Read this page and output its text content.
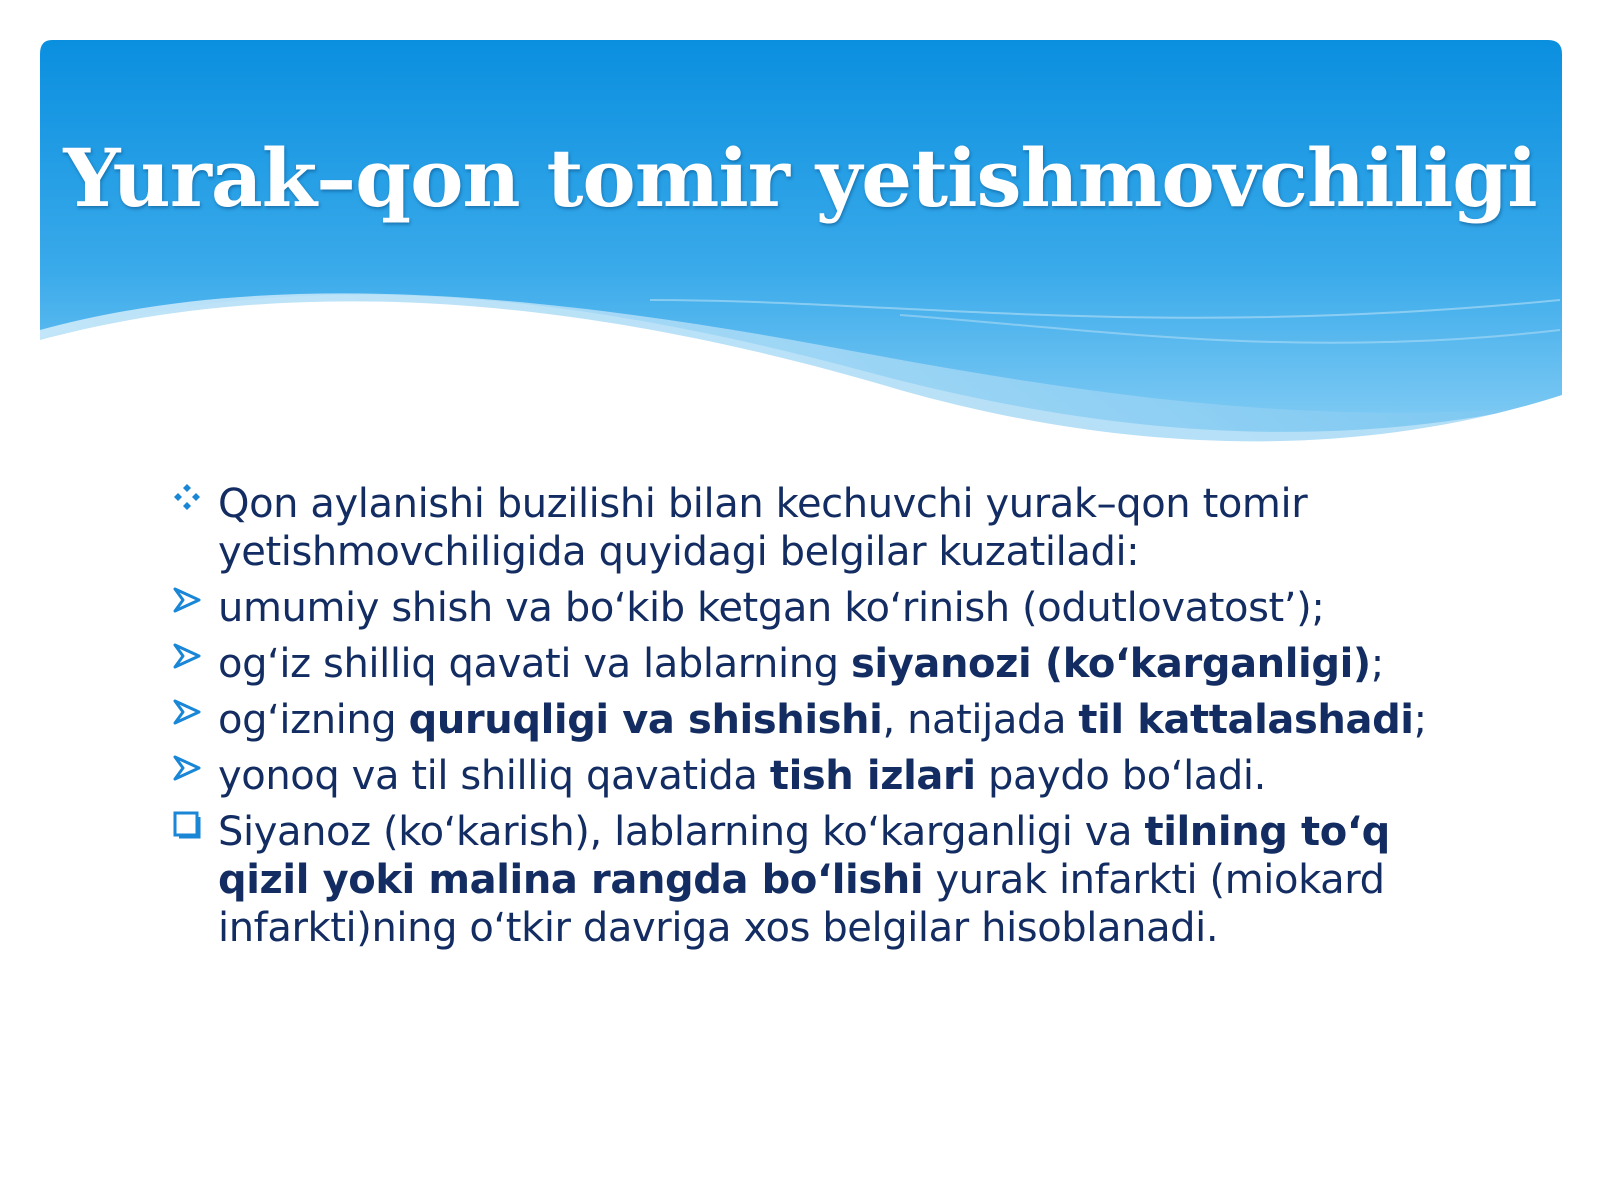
Yurak–qon tomir yetishmovchiligi
Qon aylanishi buzilishi bilan kechuvchi yurak–qon tomir yetishmovchiligida quyidagi belgilar kuzatiladi:
umumiy shish va bo‘kib ketgan ko‘rinish (odutlovatost’);
og‘iz shilliq qavati va lablarning siyanozi (ko‘karganligi);
og‘izning quruqligi va shishishi, natijada til kattalashadi;
yonoq va til shilliq qavatida tish izlari paydo bo‘ladi.
Siyanoz (ko‘karish), lablarning ko‘karganligi va tilning to‘q qizil yoki malina rangda bo‘lishi yurak infarkti (miokard infarkti)ning o‘tkir davriga xos belgilar hisoblanadi.
